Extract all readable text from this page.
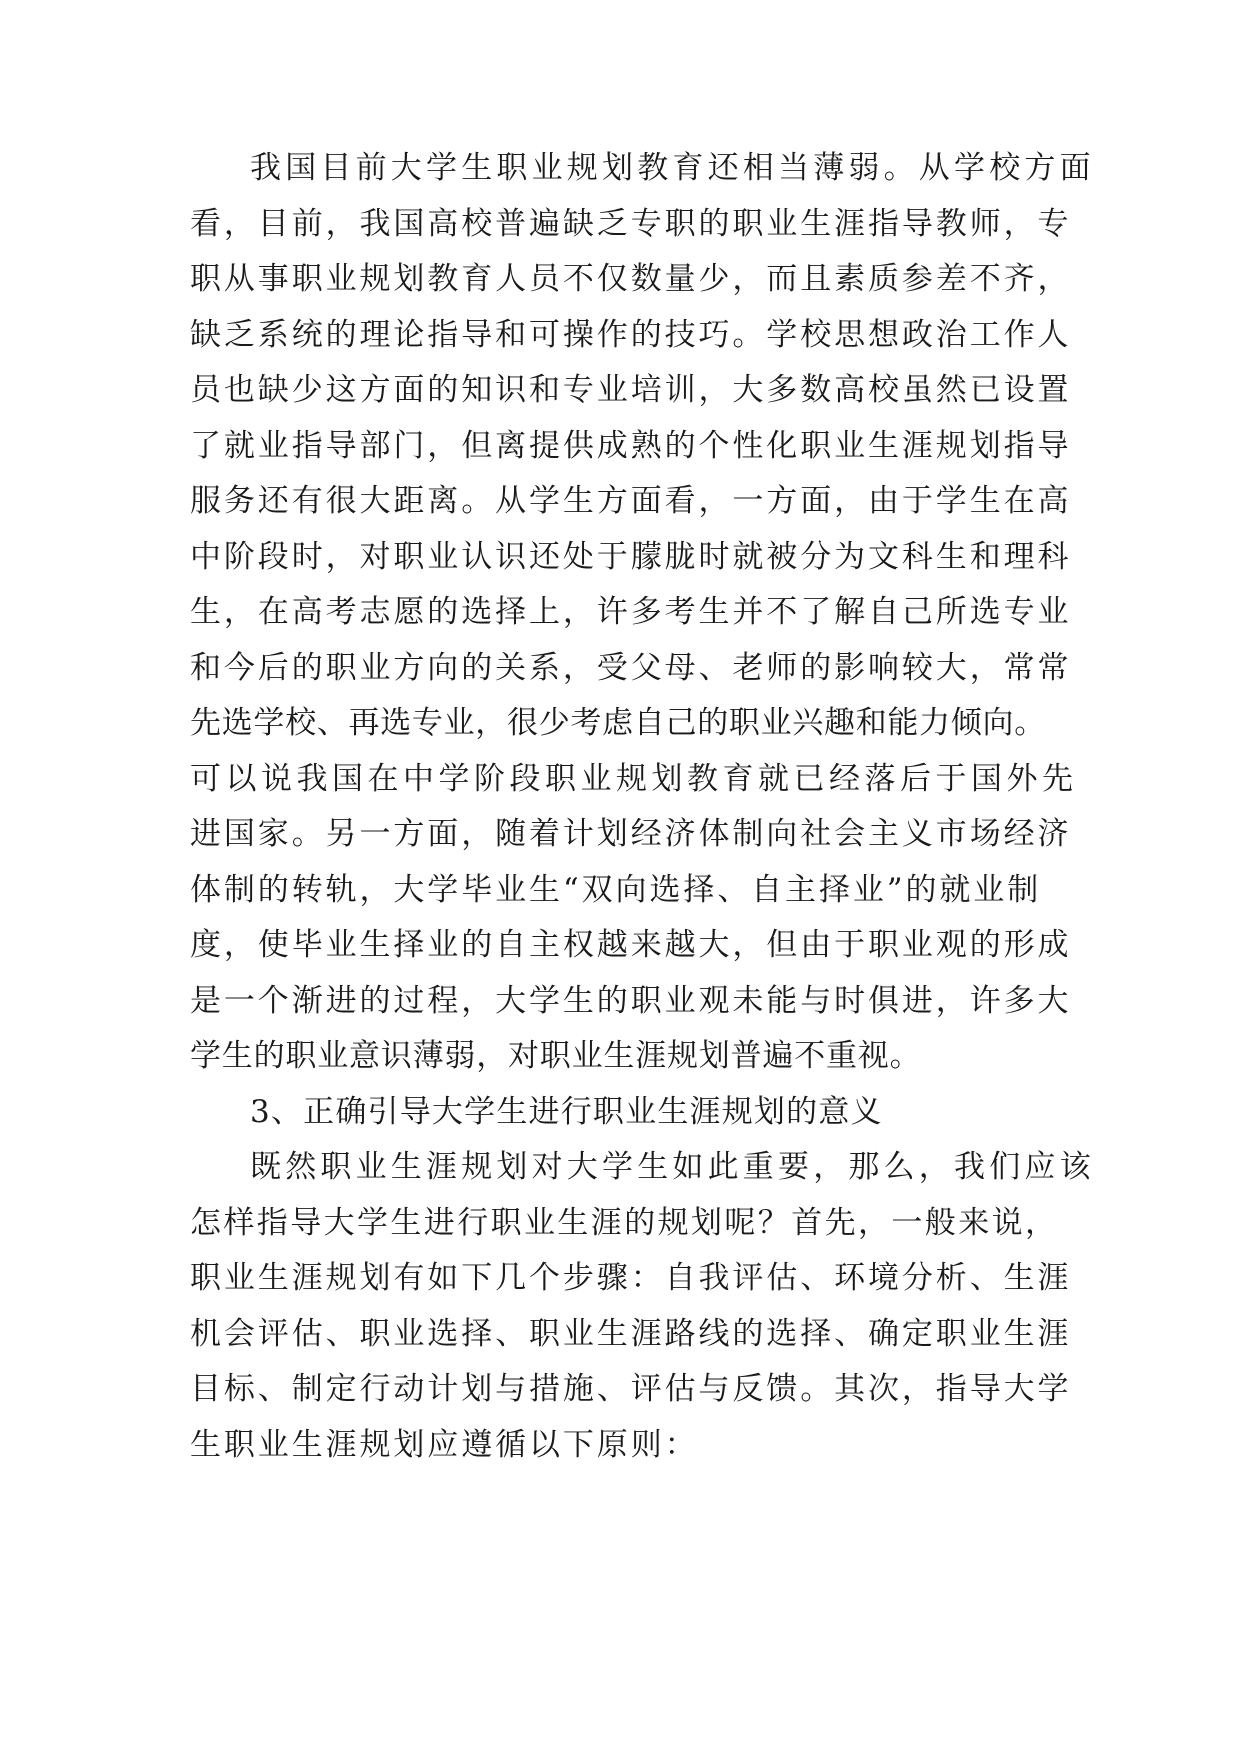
我国目前大学生职业规划教育还相当薄弱。从学校方面
看，目前，我国高校普遍缺乏专职的职业生涯指导教师，专
职从事职业规划教育人员不仅数量少，而且素质参差不齐，
缺乏系统的理论指导和可操作的技巧。学校思想政治工作人
员也缺少这方面的知识和专业培训，大多数高校虽然已设置
了就业指导部门，但离提供成熟的个性化职业生涯规划指导
服务还有很大距离。从学生方面看，一方面，由于学生在高
中阶段时，对职业认识还处于朦胧时就被分为文科生和理科
生，在高考志愿的选择上，许多考生并不了解自己所选专业
和今后的职业方向的关系，受父母、老师的影响较大，常常
先选学校、再选专业，很少考虑自己的职业兴趣和能力倾向。
可以说我国在中学阶段职业规划教育就已经落后于国外先
进国家。另一方面，随着计划经济体制向社会主义市场经济
体制的转轨，大学毕业生“双向选择、自主择业”的就业制
度，使毕业生择业的自主权越来越大，但由于职业观的形成
是一个渐进的过程，大学生的职业观未能与时俱进，许多大
学生的职业意识薄弱，对职业生涯规划普遍不重视。
3、正确引导大学生进行职业生涯规划的意义
既然职业生涯规划对大学生如此重要，那么，我们应该
怎样指导大学生进行职业生涯的规划呢？首先，一般来说，
职业生涯规划有如下几个步骤：自我评估、环境分析、生涯
机会评估、职业选择、职业生涯路线的选择、确定职业生涯
目标、制定行动计划与措施、评估与反馈。其次，指导大学
生职业生涯规划应遵循以下原则：
